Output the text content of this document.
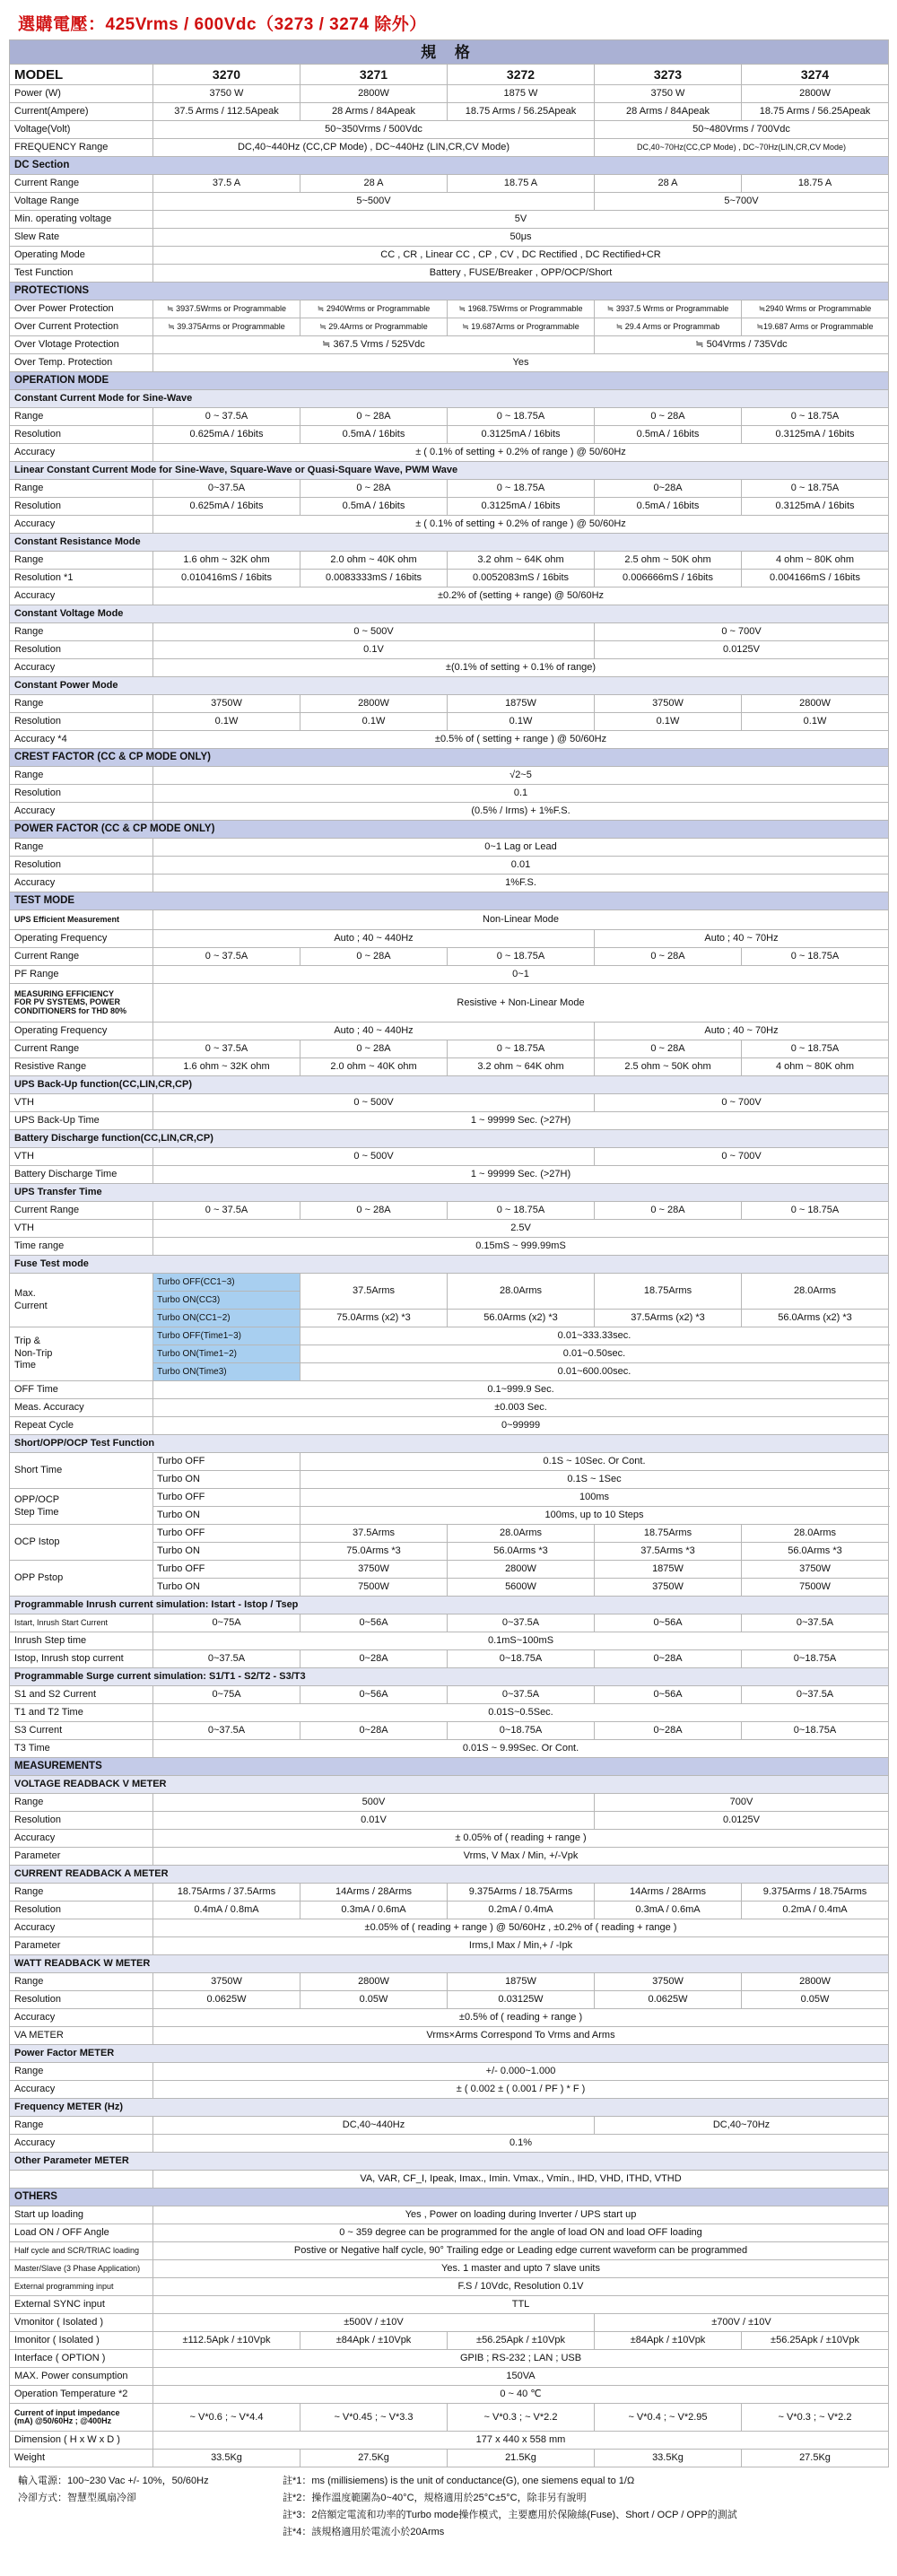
選購電壓：425Vrms / 600Vdc（3273 / 3274 除外）
規 格						
MODEL	3270	3271	3272	3273	3274	
Power (W)	3750 W	2800W	1875 W	3750 W	2800W	
Current(Ampere)	37.5 Arms / 112.5Apeak	28 Arms / 84Apeak	18.75 Arms / 56.25Apeak	28 Arms / 84Apeak	18.75 Arms / 56.25Apeak	
Voltage(Volt)	50~350Vrms / 500Vdc			50~480Vrms / 700Vdc		
FREQUENCY Range	DC,40~440Hz (CC,CP Mode) , DC~440Hz (LIN,CR,CV Mode)			DC,40~70Hz(CC,CP Mode) , DC~70Hz(LIN,CR,CV Mode)		
DC Section						
Current Range	37.5 A	28 A	18.75 A	28 A	18.75 A	
Voltage Range	5~500V			5~700V		
Min. operating voltage	5V					
Slew Rate	50μs					
Operating Mode	CC , CR , Linear CC , CP , CV , DC Rectified , DC Rectified+CR					
Test Function	Battery , FUSE/Breaker , OPP/OCP/Short					
PROTECTIONS						
Over Power Protection	≒ 3937.5Wrms or Programmable	≒ 2940Wrms or Programmable	≒ 1968.75Wrms or Programmable	≒ 3937.5 Wrms or Programmable	≒2940 Wrms or Programmable	
Over Current Protection	≒ 39.375Arms or Programmable	≒ 29.4Arms or Programmable	≒ 19.687Arms or Programmable	≒ 29.4 Arms or Programmab	≒19.687 Arms or Programmable	
Over Vlotage Protection	≒ 367.5 Vrms / 525Vdc			≒ 504Vrms / 735Vdc		
Over Temp. Protection	Yes					
OPERATION MODE						
Constant Current Mode for Sine-Wave						
Range	0 ~ 37.5A	0 ~ 28A	0 ~ 18.75A	0 ~ 28A	0 ~ 18.75A	
Resolution	0.625mA / 16bits	0.5mA / 16bits	0.3125mA / 16bits	0.5mA / 16bits	0.3125mA / 16bits	
Accuracy	± ( 0.1% of setting + 0.2% of range ) @ 50/60Hz					
Linear Constant Current Mode for Sine-Wave, Square-Wave or Quasi-Square Wave, PWM Wave						
Range	0~37.5A	0 ~ 28A	0 ~ 18.75A	0~28A	0 ~ 18.75A	
Resolution	0.625mA / 16bits	0.5mA / 16bits	0.3125mA / 16bits	0.5mA / 16bits	0.3125mA / 16bits	
Accuracy	± ( 0.1% of setting + 0.2% of range ) @ 50/60Hz					
Constant Resistance Mode						
Range	1.6 ohm ~ 32K ohm	2.0 ohm ~ 40K ohm	3.2 ohm ~ 64K ohm	2.5 ohm ~ 50K ohm	4 ohm ~ 80K ohm	
Resolution *1	0.010416mS / 16bits	0.0083333mS / 16bits	0.0052083mS / 16bits	0.006666mS / 16bits	0.004166mS / 16bits	
Accuracy	±0.2% of (setting + range) @ 50/60Hz					
Constant Voltage Mode						
Range	0 ~ 500V			0 ~ 700V		
Resolution	0.1V			0.0125V		
Accuracy	±(0.1% of setting + 0.1% of range)					
Constant Power Mode						
Range	3750W	2800W	1875W	3750W	2800W	
Resolution	0.1W	0.1W	0.1W	0.1W	0.1W	
Accuracy *4	±0.5% of ( setting + range ) @ 50/60Hz					
CREST FACTOR (CC & CP MODE ONLY)						
Range	√2~5					
Resolution	0.1					
Accuracy	(0.5% / Irms) + 1%F.S.					
POWER FACTOR (CC & CP MODE ONLY)						
Range	0~1 Lag or Lead					
Resolution	0.01					
Accuracy	1%F.S.					
TEST MODE						
UPS Efficient Measurement	Non-Linear Mode					
Operating Frequency	Auto ; 40 ~ 440Hz			Auto ; 40 ~ 70Hz		
Current Range	0 ~ 37.5A	0 ~ 28A	0 ~ 18.75A	0 ~ 28A	0 ~ 18.75A	
PF Range	0~1					
MEASURING EFFICIENCY
FOR PV SYSTEMS, POWER
CONDITIONERS for THD 80%	Resistive + Non-Linear Mode					
Operating Frequency	Auto ; 40 ~ 440Hz			Auto ; 40 ~ 70Hz		
Current Range	0 ~ 37.5A	0 ~ 28A	0 ~ 18.75A	0 ~ 28A	0 ~ 18.75A	
Resistive Range	1.6 ohm ~ 32K ohm	2.0 ohm ~ 40K ohm	3.2 ohm ~ 64K ohm	2.5 ohm ~ 50K ohm	4 ohm ~ 80K ohm	
UPS Back-Up function(CC,LIN,CR,CP)						
VTH	0 ~ 500V			0 ~ 700V		
UPS Back-Up Time	1 ~ 99999 Sec. (>27H)					
Battery Discharge function(CC,LIN,CR,CP)						
VTH	0 ~ 500V			0 ~ 700V		
Battery Discharge Time	1 ~ 99999 Sec. (>27H)					
UPS Transfer Time						
Current Range	0 ~ 37.5A	0 ~ 28A	0 ~ 18.75A	0 ~ 28A	0 ~ 18.75A	
VTH	2.5V					
Time range	0.15mS ~ 999.99mS					
Fuse Test mode						
Max.
Current	Turbo OFF(CC1~3)	37.5Arms	28.0Arms	18.75Arms	28.0Arms	
	Turbo ON(CC3)					
	Turbo ON(CC1~2)	75.0Arms (x2) *3	56.0Arms (x2) *3	37.5Arms (x2) *3	56.0Arms (x2) *3	
Trip &
Non-Trip
Time	Turbo OFF(Time1~3)	0.01~333.33sec.				
	Turbo ON(Time1~2)	0.01~0.50sec.				
	Turbo ON(Time3)	0.01~600.00sec.				
OFF Time	0.1~999.9 Sec.					
Meas. Accuracy	±0.003 Sec.					
Repeat Cycle	0~99999					
Short/OPP/OCP Test Function						
Short Time	Turbo OFF	0.1S ~ 10Sec. Or Cont.				
	Turbo ON	0.1S ~ 1Sec				
OPP/OCP
Step Time	Turbo OFF	100ms				
	Turbo ON	100ms, up to 10 Steps				
OCP Istop	Turbo OFF	37.5Arms	28.0Arms	18.75Arms	28.0Arms	
	Turbo ON	75.0Arms *3	56.0Arms *3	37.5Arms *3	56.0Arms *3	
OPP Pstop	Turbo OFF	3750W	2800W	1875W	3750W	
	Turbo ON	7500W	5600W	3750W	7500W	
Programmable Inrush current simulation: Istart - Istop / Tsep						
Istart, Inrush Start Current	0~75A	0~56A	0~37.5A	0~56A	0~37.5A	
Inrush Step time	0.1mS~100mS					
Istop, Inrush stop current	0~37.5A	0~28A	0~18.75A	0~28A	0~18.75A	
Programmable Surge current simulation: S1/T1 - S2/T2 - S3/T3						
S1 and S2 Current	0~75A	0~56A	0~37.5A	0~56A	0~37.5A	
T1 and T2 Time	0.01S~0.5Sec.					
S3 Current	0~37.5A	0~28A	0~18.75A	0~28A	0~18.75A	
T3 Time	0.01S ~ 9.99Sec. Or Cont.					
MEASUREMENTS						
VOLTAGE READBACK V METER						
Range	500V			700V		
Resolution	0.01V			0.0125V		
Accuracy	± 0.05% of ( reading + range )					
Parameter	Vrms, V Max / Min, +/-Vpk					
CURRENT READBACK A METER						
Range	18.75Arms / 37.5Arms	14Arms / 28Arms	9.375Arms / 18.75Arms	14Arms / 28Arms	9.375Arms / 18.75Arms	
Resolution	0.4mA / 0.8mA	0.3mA / 0.6mA	0.2mA / 0.4mA	0.3mA / 0.6mA	0.2mA / 0.4mA	
Accuracy	±0.05% of ( reading + range ) @ 50/60Hz , ±0.2% of ( reading + range )					
Parameter	Irms,I Max / Min,+ / -Ipk					
WATT READBACK W METER						
Range	3750W	2800W	1875W	3750W	2800W	
Resolution	0.0625W	0.05W	0.03125W	0.0625W	0.05W	
Accuracy	±0.5% of ( reading + range )					
VA METER	Vrms×Arms Correspond To Vrms and Arms					
Power Factor METER						
Range	+/- 0.000~1.000					
Accuracy	± ( 0.002 ± ( 0.001 / PF ) * F )					
Frequency METER (Hz)						
Range	DC,40~440Hz			DC,40~70Hz		
Accuracy	0.1%					
Other Parameter METER						
	VA, VAR, CF_I, Ipeak, Imax., Imin. Vmax., Vmin., IHD, VHD, ITHD, VTHD					
OTHERS						
Start up loading	Yes , Power on loading during Inverter / UPS start up					
Load ON / OFF Angle	0 ~ 359 degree can be programmed for the angle of load ON and load OFF loading					
Half cycle and SCR/TRIAC loading	Postive or Negative half cycle, 90° Trailing edge or Leading edge current waveform can be programmed					
Master/Slave (3 Phase Application)	Yes. 1 master and upto 7 slave units					
External programming input	F.S / 10Vdc, Resolution 0.1V					
External SYNC input	TTL					
Vmonitor ( Isolated )	±500V / ±10V			±700V / ±10V		
Imonitor ( Isolated )	±112.5Apk / ±10Vpk	±84Apk / ±10Vpk	±56.25Apk / ±10Vpk	±84Apk / ±10Vpk	±56.25Apk / ±10Vpk	
Interface ( OPTION )	GPIB ; RS-232 ; LAN ; USB					
MAX. Power consumption	150VA					
Operation Temperature *2	0 ~ 40 ℃					
Current of input impedance
(mA) @50/60Hz ; @400Hz	~ V*0.6 ; ~ V*4.4	~ V*0.45 ; ~ V*3.3	~ V*0.3 ; ~ V*2.2	~ V*0.4 ; ~ V*2.95	~ V*0.3 ; ~ V*2.2	
Dimension ( H x W x D )	177 x 440 x 558 mm					
Weight	33.5Kg	27.5Kg	21.5Kg	33.5Kg	27.5Kg	
輸入電源：100~230 Vac +/- 10%，50/60Hz
冷卻方式：智慧型風扇冷卻
註*1：ms (millisiemens) is the unit of conductance(G), one siemens equal to 1/Ω
註*2：操作溫度範圍為0~40°C，規格適用於25°C±5°C，除非另有說明
註*3：2倍額定電流和功率的Turbo mode操作模式，主要應用於保險絲(Fuse)、Short / OCP / OPP的測試
註*4：該規格適用於電流小於20Arms
